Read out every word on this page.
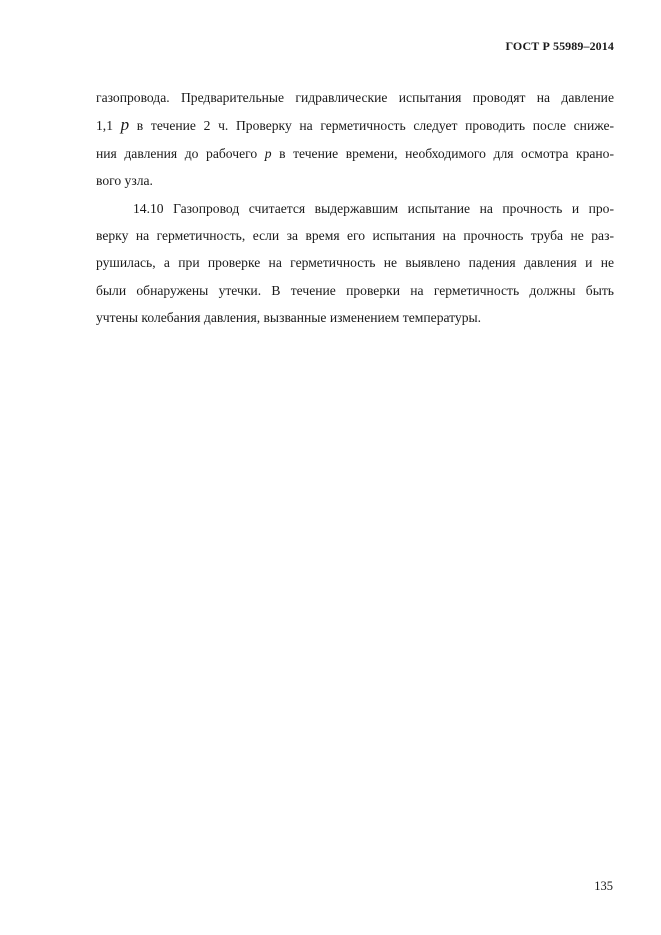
ГОСТ Р 55989–2014
газопровода. Предварительные гидравлические испытания проводят на давление
1,1 p в течение 2 ч. Проверку на герметичность следует проводить после сниже-
ния давления до рабочего p в течение времени, необходимого для осмотра крано-
вого узла.
14.10 Газопровод считается выдержавшим испытание на прочность и про-
верку на герметичность, если за время его испытания на прочность труба не раз-
рушилась, а при проверке на герметичность не выявлено падения давления и не
были обнаружены утечки. В течение проверки на герметичность должны быть
учтены колебания давления, вызванные изменением температуры.
135
